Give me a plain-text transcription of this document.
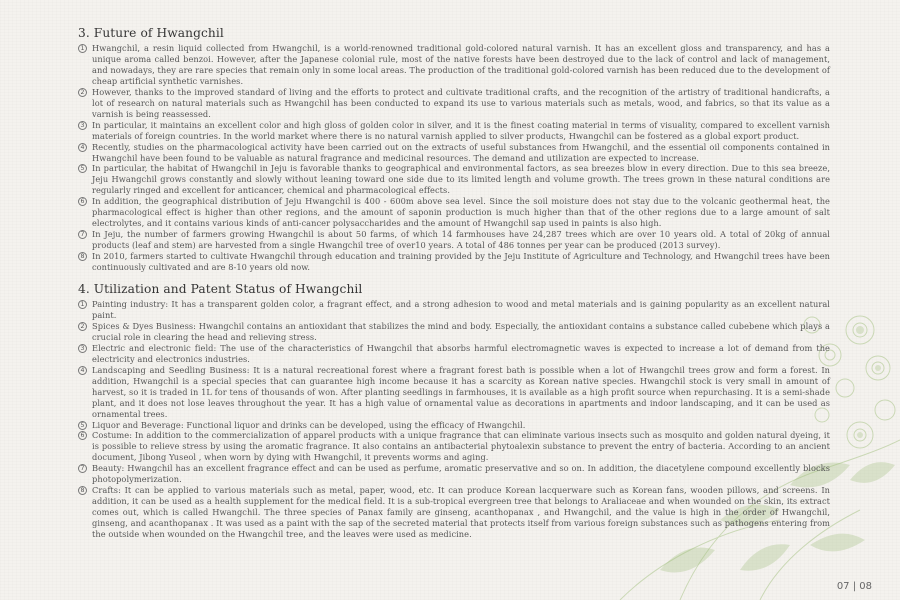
3. Future of Hwangchil
1 Hwangchil, a resin liquid collected from Hwangchil, is a world-renowned traditional gold-colored natural varnish. It has an excellent gloss and transparency, and has a unique aroma called benzoi. However, after the Japanese colonial rule, most of the native forests have been destroyed due to the lack of control and lack of management, and nowadays, they are rare species that remain only in some local areas. The production of the traditional gold-colored varnish has been reduced due to the development of cheap artificial synthetic varnishes.
2 However, thanks to the improved standard of living and the efforts to protect and cultivate traditional crafts, and the recognition of the artistry of traditional handicrafts, a lot of research on natural materials such as Hwangchil has been conducted to expand its use to various materials such as metals, wood, and fabrics, so that its value as a varnish is being reassessed.
3 In particular, it maintains an excellent color and high gloss of golden color in silver, and it is the finest coating material in terms of visuality, compared to excellent varnish materials of foreign countries. In the world market where there is no natural varnish applied to silver products, Hwangchil can be fostered as a global export product.
4 Recently, studies on the pharmacological activity have been carried out on the extracts of useful substances from Hwangchil, and the essential oil components contained in Hwangchil have been found to be valuable as natural fragrance and medicinal resources. The demand and utilization are expected to increase.
5 In particular, the habitat of Hwangchil in Jeju is favorable thanks to geographical and environmental factors, as sea breezes blow in every direction. Due to this sea breeze, Jeju Hwangchil grows constantly and slowly without leaning toward one side due to its limited length and volume growth. The trees grown in these natural conditions are regularly ringed and excellent for anticancer, chemical and pharmacological effects.
6 In addition, the geographical distribution of Jeju Hwangchil is 400 - 600m above sea level. Since the soil moisture does not stay due to the volcanic geothermal heat, the pharmacological effect is higher than other regions, and the amount of saponin production is much higher than that of the other regions due to a large amount of salt electrolytes, and it contains various kinds of anti-cancer polysaccharides and the amount of Hwangchil sap used in paints is also high.
7 In Jeju, the number of farmers growing Hwangchil is about 50 farms, of which 14 farmhouses have 24,287 trees which are over 10 years old. A total of 20kg of annual products (leaf and stem) are harvested from a single Hwangchil tree of over10 years. A total of 486 tonnes per year can be produced (2013 survey).
8 In 2010, farmers started to cultivate Hwangchil through education and training provided by the Jeju Institute of Agriculture and Technology, and Hwangchil trees have been continuously cultivated and are 8-10 years old now.
4. Utilization and Patent Status of Hwangchil
1 Painting industry: It has a transparent golden color, a fragrant effect, and a strong adhesion to wood and metal materials and is gaining popularity as an excellent natural paint.
2 Spices & Dyes Business: Hwangchil contains an antioxidant that stabilizes the mind and body. Especially, the antioxidant contains a substance called cubebene which plays a crucial role in clearing the head and relieving stress.
3 Electric and electronic field: The use of the characteristics of Hwangchil that absorbs harmful electromagnetic waves is expected to increase a lot of demand from the electricity and electronics industries.
4 Landscaping and Seedling Business: It is a natural recreational forest where a fragrant forest bath is possible when a lot of Hwangchil trees grow and form a forest. In addition, Hwangchil is a special species that can guarantee high income because it has a scarcity as Korean native species. Hwangchil stock is very small in amount of harvest, so it is traded in 1L for tens of thousands of won. After planting seedlings in farmhouses, it is available as a high profit source when repurchasing. It is a semi-shade plant, and it does not lose leaves throughout the year. It has a high value of ornamental value as decorations in apartments and indoor landscaping, and it can be used as ornamental trees.
5 Liquor and Beverage: Functional liquor and drinks can be developed, using the efficacy of Hwangchil.
6 Costume: In addition to the commercialization of apparel products with a unique fragrance that can eliminate various insects such as mosquito and golden natural dyeing, it is possible to relieve stress by using the aromatic fragrance. It also contains an antibacterial phytoalexin substance to prevent the entry of bacteria. According to an ancient document, Jibong Yuseol , when worn by dying with Hwangchil, it prevents worms and aging.
7 Beauty: Hwangchil has an excellent fragrance effect and can be used as perfume, aromatic preservative and so on. In addition, the diacetylene compound excellently blocks photopolymerization.
8 Crafts: It can be applied to various materials such as metal, paper, wood, etc. It can produce Korean lacquerware such as Korean fans, wooden pillows, and screens. In addition, it can be used as a health supplement for the medical field. It is a sub-tropical evergreen tree that belongs to Araliaceae and when wounded on the skin, its extract comes out, which is called Hwangchil. The three species of Panax family are ginseng, acanthopanax , and Hwangchil, and the value is high in the order of Hwangchil, ginseng, and acanthopanax . It was used as a paint with the sap of the secreted material that protects itself from various foreign substances such as pathogens entering from the outside when wounded on the Hwangchil tree, and the leaves were used as medicine.
07 | 08
